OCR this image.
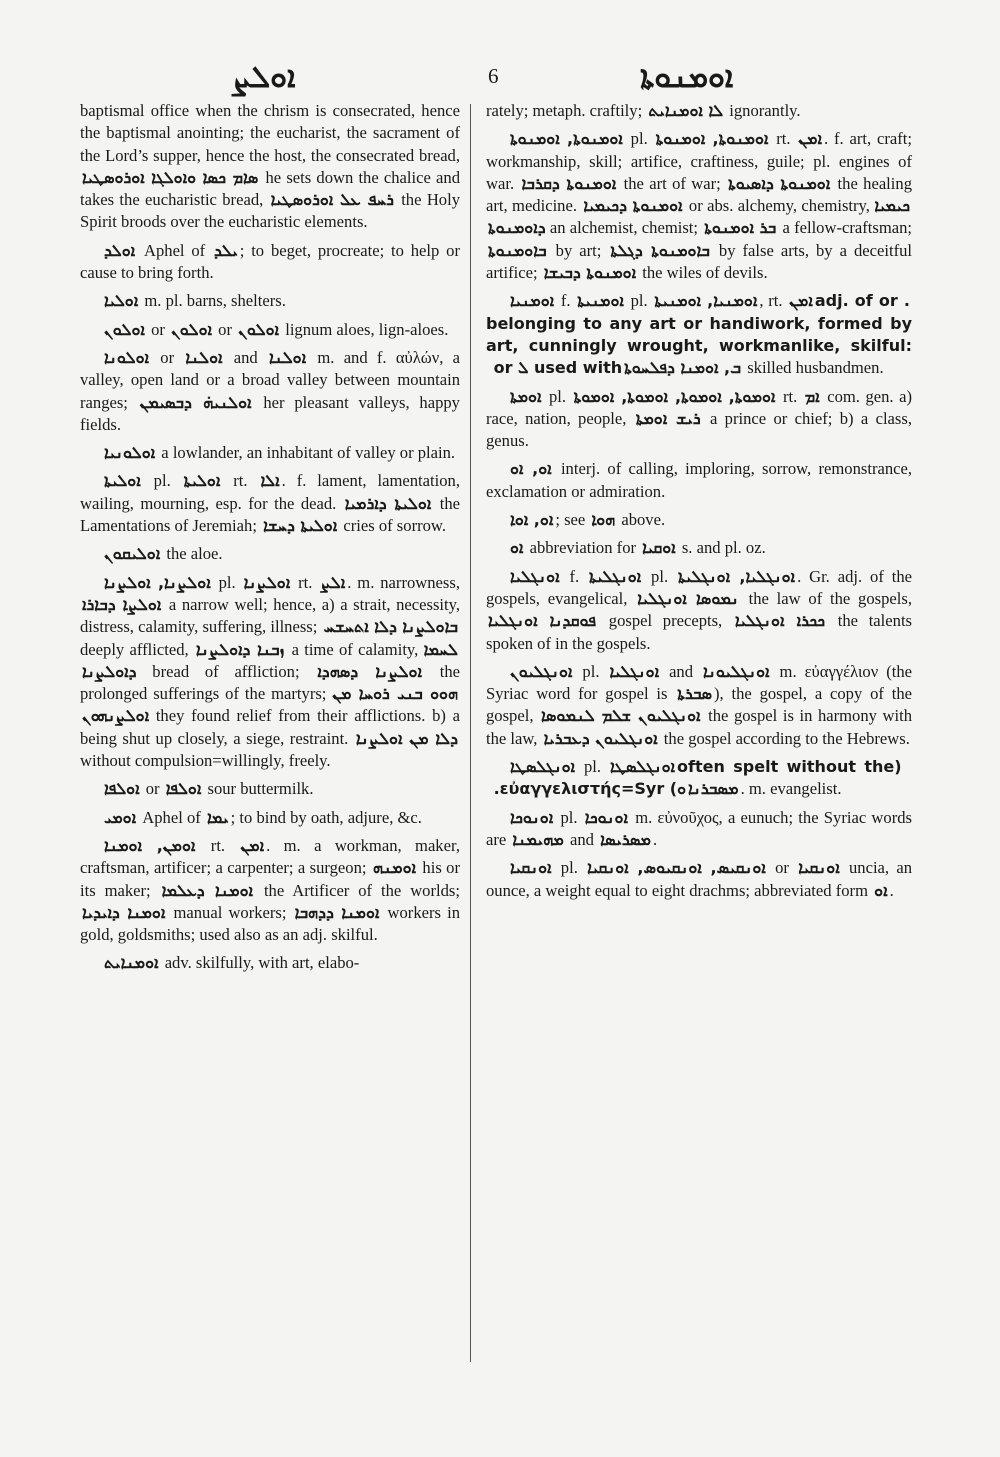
ܐܘܠܨ	6	ܐܘܡܢܘܬܐ

baptismal office when the chrism is consecrated, hence the baptismal anointing; the eucharist, the sacrament of the Lord’s supper, hence the host, the consecrated bread, ܣܐܡ ܟܣܐ ܘܐܘܠܓܐ ܐܘܪܘܣܛܝܐ he sets down the chalice and takes the eucharistic bread, ܪܚܦ ܥܠ ܐܘܪܘܣܛܝܐ the Holy Spirit broods over the eucharistic elements.

ܐܘܠܕ Aphel of ܝܠܕ ; to beget, procreate; to help or cause to bring forth.

ܐܘܠܝܐ m. pl. barns, shelters.

ܐܘܠܘܢ or ܐܘܠܘܢ or ܐܘܠܘܢ lignum aloes, lign-aloes.

ܐܘܠܘܢܐ or ܐܘܠܢܐ and ܐܘܠܢܐ m. and f. αὐλών, a valley, open land or a broad valley between mountain ranges; ܐܘܠܢܝܗ̇ ܕܒܣܝܡܢ her pleasant valleys, happy fields.

ܐܘܠܘܢܝܐ a lowlander, an inhabitant of valley or plain.

ܐܘܠܝܬܐ pl. ܐܘܠܝܬܐ rt. ܐܠܐ . f. lament, lamentation, wailing, mourning, esp. for the dead. ܐܘܠܝܬܐ ܕܐܪܡܝܐ the Lamentations of Jeremiah; ܐܘܠܝܬܐ ܕܚܫܐ cries of sorrow.

ܐܘܠܝܩܘܢ the aloe.

ܐܘܠܨܢܐ, ܐܘܠܨܢܐ pl. ܐܘܠܨܢܐ rt. ܐܠܨ . m. narrowness, ܐܘܠܨܐ ܕܒܐܪܐ a narrow well; hence, a) a strait, necessity, distress, calamity, suffering, illness; ܒܐܘܠܨܢܐ ܕܠܐ ܐܬܚܫܚ deeply afflicted, ܙܒܢܐ ܕܐܘܠܨܢܐ a time of calamity, ܠܚܡܐ ܕܐܘܠܨܢܐ bread of affliction; ܐܘܠܨܢܐ ܕܣܗܕܐ the prolonged sufferings of the martyrs; ܗܘܘ ܒܢܝ ܪܘܚܐ ܡܢ ܐܘܠܨܢܗܘܢ they found relief from their afflictions. b) a being shut up closely, a siege, restraint. ܕܠܐ ܡܢ ܐܘܠܨܢܐ without compulsion=willingly, freely.

ܐܘܠܦܐ or ܐܘܠܦܐ sour buttermilk.

ܐܘܡܝ Aphel of ܝܡܐ ; to bind by oath, adjure, &c.

ܐܘܡܢ, ܐܘܡܢܐ rt. ܐܡܢ . m. a workman, maker, craftsman, artificer; a carpenter; a surgeon; ܐܘܡܢܗ his or its maker; ܐܘܡܢܐ ܕܥܠܡܐ the Artificer of the worlds; ܐܘܡܢܐ ܕܐܝܕܝܐ manual workers; ܐܘܡܢܐ ܕܕܗܒܐ workers in gold, goldsmiths; used also as an adj. skilful.

ܐܘܡܢܐܝܬ adv. skilfully, with art, elabo-

rately; metaph. craftily; ܠܐ ܐܘܡܢܐܝܬ ignorantly.

ܐܘܡܢܘܬܐ, ܐܘܡܢܘܬܐ pl. ܐܘܡܢܘܬܐ, ܐܘܡܢܘܬܐ rt. ܐܡܢ . f. art, craft; workmanship, skill; artifice, craftiness, guile; pl. engines of war. ܐܘܡܢܘܬܐ ܕܩܪܒܐ the art of war; ܐܘܡܢܘܬܐ ܕܐܣܝܘܬܐ the healing art, medicine. ܐܘܡܢܘܬܐ ܕܟܝܡܝܐ or abs. alchemy, chemistry, ܟܝܡܝܐ ܕܐܘܡܢܘܬܐ an alchemist, chemist; ܒܪ ܐܘܡܢܘܬܐ a fellow-craftsman; ܒܐܘܡܢܘܬܐ by art; ܒܐܘܡܢܘܬܐ ܕܓܠܬܐ by false arts, by a deceitful artifice; ܐܘܡܢܘܬܐ ܕܒܝܫܐ the wiles of devils.

ܐܘܡܢܝܐ f. ܐܘܡܢܝܬܐ pl. ܐܘܡܢܝܐ, ܐܘܡܢܝܬܐ , rt. ܐܡܢ . adj. of or belonging to any art or handiwork, formed by art, cunningly wrought, workmanlike, skilful: used with ܠ or ܒ, ܐܘܡܢܐ ܕܦܠܚܘܬܐ skilled husbandmen.

ܐܘܡܬܐ pl. ܐܘܡܘܬܐ, ܐܘܡܘܬܐ, ܐܘܡܘܬܐ, ܐܘܡܘܬܐ rt. ܐܡ com. gen. a) race, nation, people, ܪܝܫ ܐܘܡܬܐ a prince or chief; b) a class, genus.

ܐܘ, ܐܘ interj. of calling, imploring, sorrow, remonstrance, exclamation or admiration.

ܐܘ, ܐܘܐ ; see ܗܘܐ above.

ܐܘ abbreviation for ܐܘܩܝܐ s. and pl. oz.

ܐܘܢܓܠܝܐ f. ܐܘܢܓܠܝܬܐ pl. ܐܘܢܓܠܝܐ, ܐܘܢܓܠܝܬܐ . Gr. adj. of the gospels, evangelical, ܢܡܘܣܐ ܐܘܢܓܠܝܐ the law of the gospels, ܦܘܩܕܢܐ ܐܘܢܓܠܝܐ gospel precepts, ܟܟܪܐ ܐܘܢܓܠܝܐ the talents spoken of in the gospels.

ܐܘܢܓܠܝܘܢ pl. ܐܘܢܓܠܝܐ and ܐܘܢܓܠܝܘܢܐ m. εὐαγγέλιον (the Syriac word for gospel is ܣܒܪܬܐ ), the gospel, a copy of the gospel, ܐܘܢܓܠܝܘܢ ܫܠܡ ܠܢܡܘܣܐ the gospel is in harmony with the law, ܐܘܢܓܠܝܘܢ ܕܥܒܪܝܐ the gospel according to the Hebrews.

ܐܘܢܓܠܣܛܐ pl. ܐܘܢܓܠܣܛܐ (often spelt without the ܘ) εὐαγγελιστής=Syr. ܡܣܒܪܢܐ . m. evangelist.

ܐܘܢܘܟܐ pl. ܐܘܢܘܟܐ m. εὐνοῦχος, a eunuch; the Syriac words are ܡܗܝܡܢܐ and ܡܣܪܝܣܐ .

ܐܘܢܩܝܐ pl. ܐܘܢܩܝܣ, ܐܘܢܩܝܘܣ, ܐܘܢܩܝܐ or ܐܘܢܩܝܐ uncia, an ounce, a weight equal to eight drachms; abbreviated form ܐܘ .
